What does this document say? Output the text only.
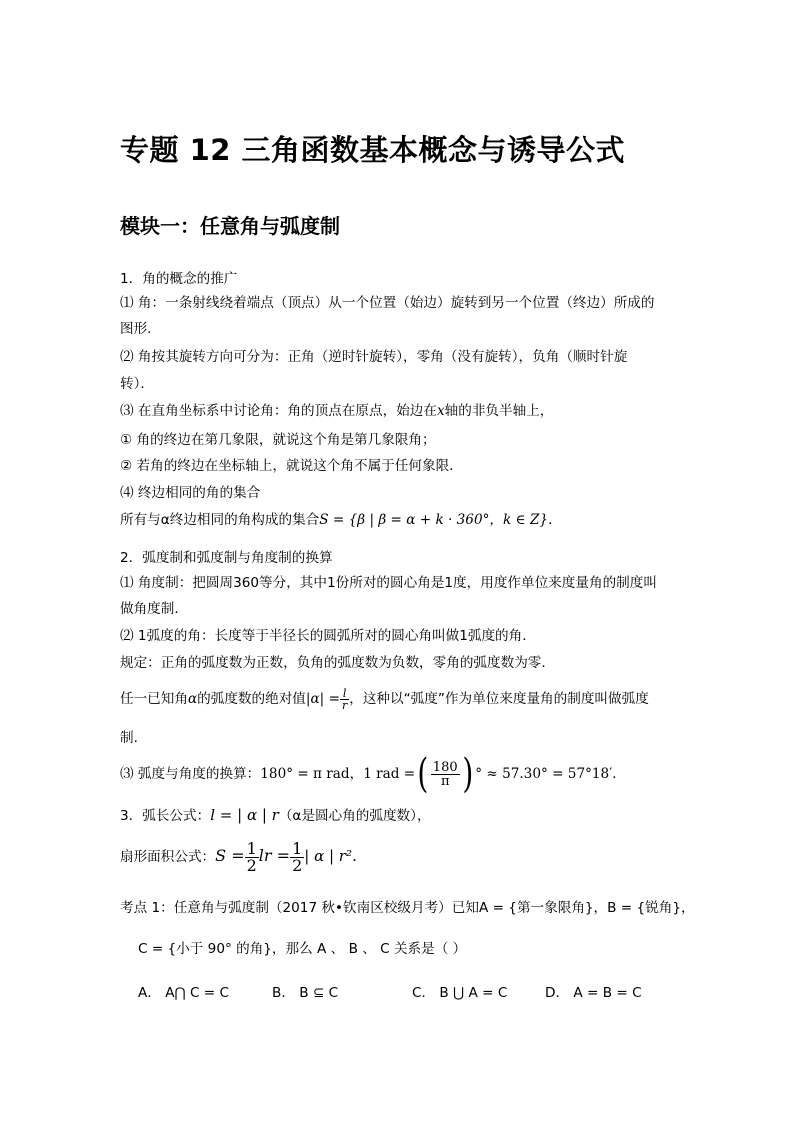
专题 12 三角函数基本概念与诱导公式
模块一：任意角与弧度制
1．角的概念的推广
⑴ 角：一条射线绕着端点（顶点）从一个位置（始边）旋转到另一个位置（终边）所成的
图形．
⑵ 角按其旋转方向可分为：正角（逆时针旋转），零角（没有旋转），负角（顺时针旋
转）．
⑶ 在直角坐标系中讨论角：角的顶点在原点，始边在x轴的非负半轴上，
① 角的终边在第几象限，就说这个角是第几象限角；
② 若角的终边在坐标轴上，就说这个角不属于任何象限．
⑷ 终边相同的角的集合
所有与α终边相同的角构成的集合S = {β | β = α + k · 360°，k ∈ Z}．
2．弧度制和弧度制与角度制的换算
⑴ 角度制：把圆周360等分，其中1份所对的圆心角是1度，用度作单位来度量角的制度叫
做角度制．
⑵ 1弧度的角：长度等于半径长的圆弧所对的圆心角叫做1弧度的角．
规定：正角的弧度数为正数，负角的弧度数为负数，零角的弧度数为零．
任一已知角α的弧度数的绝对值$|\alpha| = \frac{l}{r}$ ，这种以“弧度”作为单位来度量角的制度叫做弧度
制．
⑶ 弧度与角度的换算：180° = π rad，1 rad =( $\frac{180}{\pi}$ ) ° ≈ 57.30° = 57°18′．
3．弧长公式：l = | α | r（α是圆心角的弧度数），
扇形面积公式：$S = \frac{1}{2}$ lr = $\frac{1}{2}$ | α | r²．
考点 1：任意角与弧度制（2017 秋•钦南区校级月考）已知A = {第一象限角}，B = {锐角}，
C = {小于 90° 的角}，那么 A 、 B 、 C 关系是（ ）
A． A⋂ C = C	B． B ⊆ C	C． B ⋃ A = C	D． A = B = C
